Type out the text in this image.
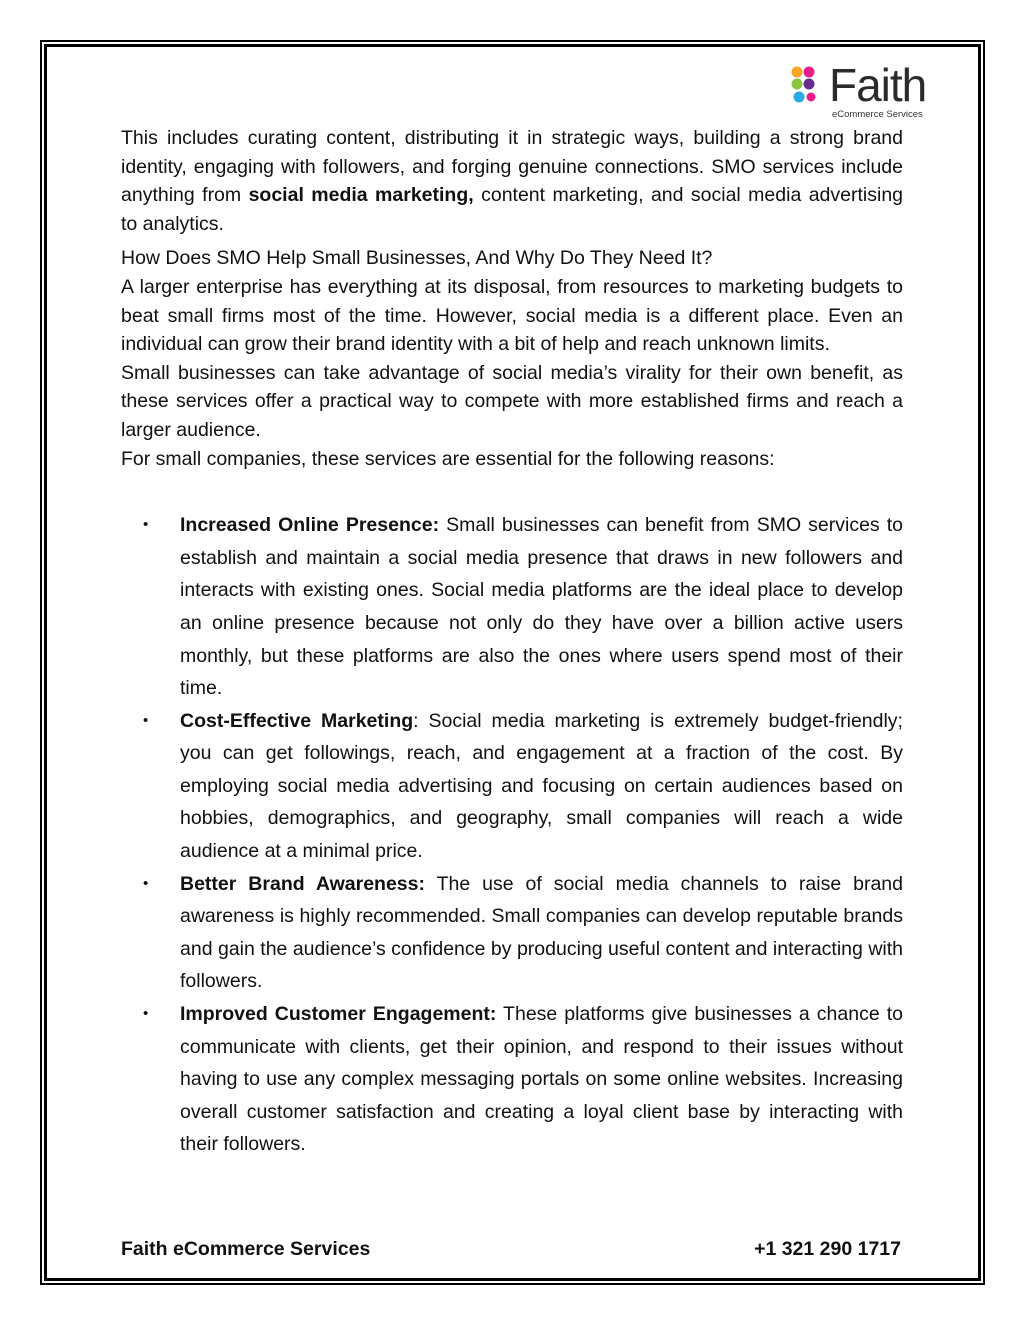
Faith
eCommerce Services

This includes curating content, distributing it in strategic ways, building a strong brand identity, engaging with followers, and forging genuine connections. SMO services include anything from social media marketing, content marketing, and social media advertising to analytics.

How Does SMO Help Small Businesses, And Why Do They Need It?

A larger enterprise has everything at its disposal, from resources to marketing budgets to beat small firms most of the time. However, social media is a different place. Even an individual can grow their brand identity with a bit of help and reach unknown limits.

Small businesses can take advantage of social media’s virality for their own benefit, as these services offer a practical way to compete with more established firms and reach a larger audience.

For small companies, these services are essential for the following reasons:

• Increased Online Presence: Small businesses can benefit from SMO services to establish and maintain a social media presence that draws in new followers and interacts with existing ones. Social media platforms are the ideal place to develop an online presence because not only do they have over a billion active users monthly, but these platforms are also the ones where users spend most of their time.
• Cost-Effective Marketing: Social media marketing is extremely budget-friendly; you can get followings, reach, and engagement at a fraction of the cost. By employing social media advertising and focusing on certain audiences based on hobbies, demographics, and geography, small companies will reach a wide audience at a minimal price.
• Better Brand Awareness: The use of social media channels to raise brand awareness is highly recommended. Small companies can develop reputable brands and gain the audience’s confidence by producing useful content and interacting with followers.
• Improved Customer Engagement: These platforms give businesses a chance to communicate with clients, get their opinion, and respond to their issues without having to use any complex messaging portals on some online websites. Increasing overall customer satisfaction and creating a loyal client base by interacting with their followers.
Faith eCommerce Services	+1 321 290 1717
